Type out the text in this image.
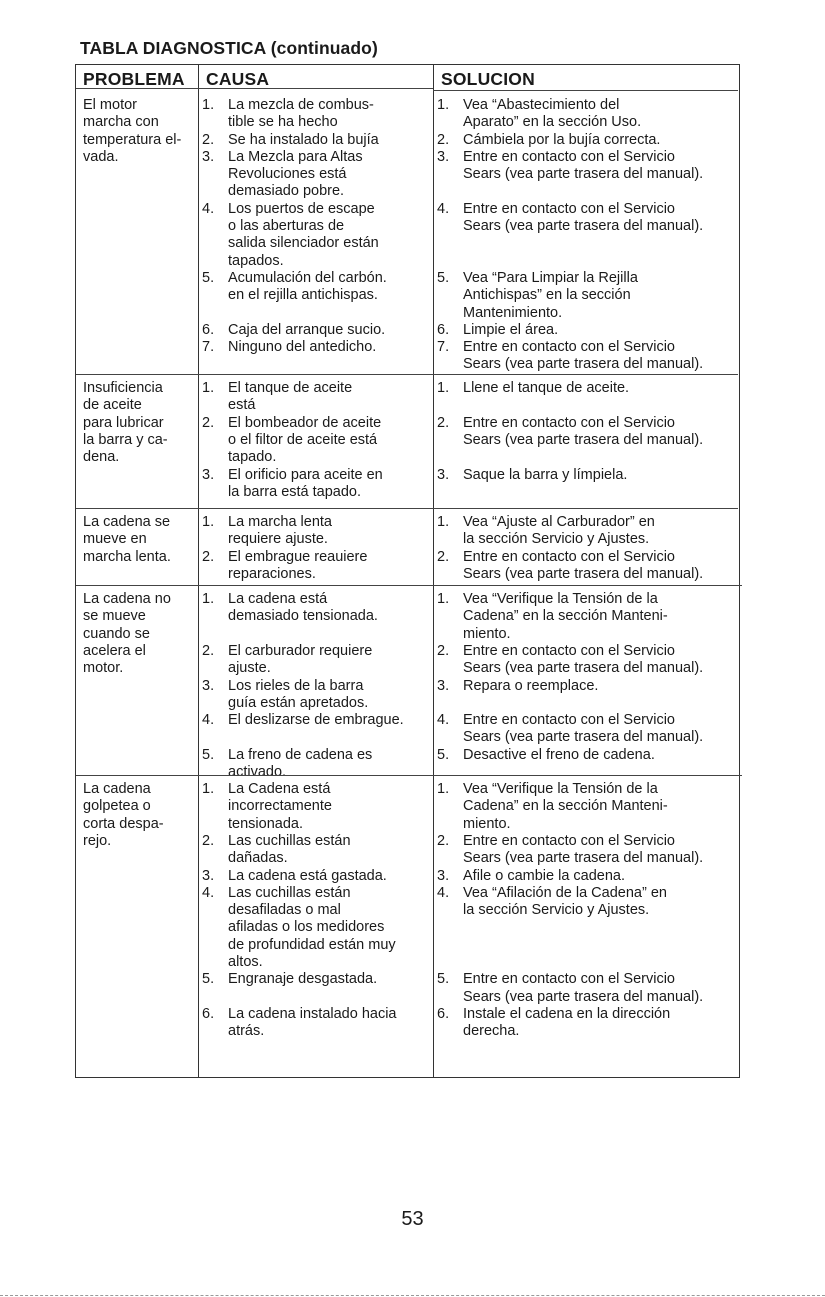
TABLA DIAGNOSTICA (continuado)
PROBLEMA CAUSA	SOLUCION
El motor
marcha con
temperatura el-
vada.
1. La mezcla de combus-
tible se ha hecho
2. Se ha instalado la bujía
3. La Mezcla para Altas
Revoluciones está
demasiado pobre.
4. Los puertos de escape
o las aberturas de
salida silenciador están
tapados.
5. Acumulación del carbón.
en el rejilla antichispas.
6. Caja del arranque sucio.
7. Ninguno del antedicho.
1. Vea “Abastecimiento del
Aparato” en la sección Uso.
2. Cámbiela por la bujía correcta.
3. Entre en contacto con el Servicio
Sears (vea parte trasera del manual).
4. Entre en contacto con el Servicio
Sears (vea parte trasera del manual).
5. Vea “Para Limpiar la Rejilla
Antichispas” en la sección
Mantenimiento.
6. Limpie el área.
7. Entre en contacto con el Servicio
Sears (vea parte trasera del manual).
Insuficiencia
de aceite
para lubricar
la barra y ca-
dena.
1. El tanque de aceite
está
2. El bombeador de aceite
o el filtor de aceite está
tapado.
3. El orificio para aceite en
la barra está tapado.
1. Llene el tanque de aceite.
2. Entre en contacto con el Servicio
Sears (vea parte trasera del manual).
3. Saque la barra y límpiela.
La cadena se
mueve en
marcha lenta.
1. La marcha lenta
requiere ajuste.
2. El embrague reauiere
reparaciones.
1. Vea “Ajuste al Carburador” en
la sección Servicio y Ajustes.
2. Entre en contacto con el Servicio
Sears (vea parte trasera del manual).
La cadena no
se mueve
cuando se
acelera el
motor.
1. La cadena está
demasiado tensionada.
2. El carburador requiere
ajuste.
3. Los rieles de la barra
guía están apretados.
4. El deslizarse de embrague.
5. La freno de cadena es
activado.
1. Vea “Verifique la Tensión de la
Cadena” en la sección Manteni-
miento.
2. Entre en contacto con el Servicio
Sears (vea parte trasera del manual).
3. Repara o reemplace.
4. Entre en contacto con el Servicio
Sears (vea parte trasera del manual).
5. Desactive el freno de cadena.
La cadena
golpetea o
corta despa-
rejo.
1. La Cadena está
incorrectamente
tensionada.
2. Las cuchillas están
dañadas.
3. La cadena está gastada.
4. Las cuchillas están
desafiladas o mal
afiladas o los medidores
de profundidad están muy
altos.
5. Engranaje desgastada.
6. La cadena instalado hacia
atrás.
1. Vea “Verifique la Tensión de la
Cadena” en la sección Manteni-
miento.
2. Entre en contacto con el Servicio
Sears (vea parte trasera del manual).
3. Afile o cambie la cadena.
4. Vea “Afilación de la Cadena” en
la sección Servicio y Ajustes.
5. Entre en contacto con el Servicio
Sears (vea parte trasera del manual).
6. Instale el cadena en la dirección
derecha.
53
